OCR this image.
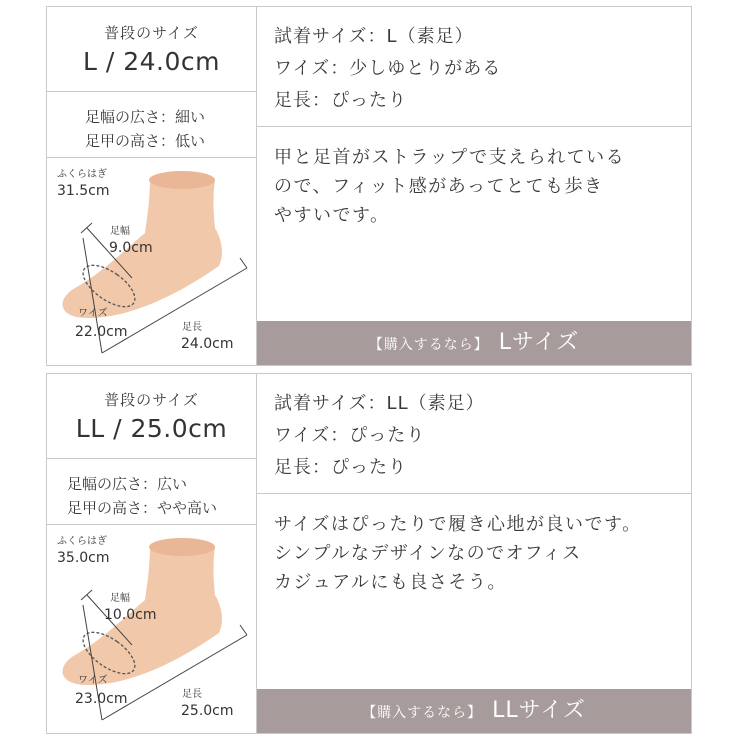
普段のサイズ
L / 24.0cm
足幅の広さ：細い
足甲の高さ：低い
ふくらはぎ
31.5cm
足幅
9.0cm
ワイズ
22.0cm	足長
24.0cm
試着サイズ：L（素足）
ワイズ：少しゆとりがある
足長：ぴったり
甲と足首がストラップで支えられている
ので、フィット感があってとても歩き
やすいです。
【購入するなら】 Lサイズ
普段のサイズ
LL / 25.0cm
足幅の広さ：広い
足甲の高さ：やや高い
ふくらはぎ
35.0cm
足幅
10.0cm
ワイズ
23.0cm	足長
25.0cm
試着サイズ：LL（素足）
ワイズ：ぴったり
足長：ぴったり
サイズはぴったりで履き心地が良いです。
シンプルなデザインなのでオフィス
カジュアルにも良さそう。
【購入するなら】 LLサイズ
